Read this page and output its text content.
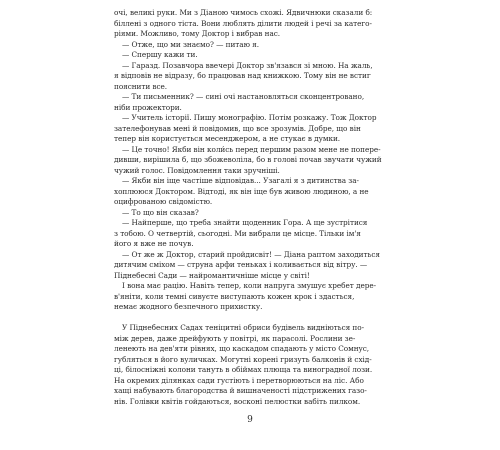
очі, великі руки. Ми з Діаною чимось схожі. Ядвичнюки сказали б:
біллені з одного тіста. Вони люблять ділити людей і речі за катего-
ріями. Можливо, тому Доктор і вибрав нас.
— Отже, що ми знаємо? — питаю я.
— Спершу кажи ти.
— Гаразд. Позавчора ввечері Доктор зв'язався зі мною. На жаль,
я відповів не відразу, бо працював над книжкою. Тому він не встиг
пояснити все.
— Ти письменник? — сині очі настановляться сконцентровано,
ніби прожектори.
— Учитель історії. Пишу монографію. Потім розкажу. Тож Доктор
зателефонував мені й повідомив, що все зрозумів. Добре, що він
тепер він користується месенджером, а не стукає в думки.
— Це точно! Якби він коли́сь перед першим разом мене не попере-
дивши, вирішила б, що збожеволіла, бо в голові почав звучати чужий
чужий голос. Повідомлення таки зручніші.
— Якби він іще частіше відповідав... Узагалі я з дитинства за-
хоплююся Доктором. Відтоді, як він іще був живою людиною, а не
оцифрованою свідомістю.
— То що він сказав?
— Найперше, що треба знайти щоденник Гора. А ще зустрітися
з тобою. О четвертій, сьогодні. Ми вибрали це місце. Тільки ім'я
його я вже не почув.
— От же ж Доктор, старий пройдисвіт! — Діана раптом заходиться
дитячим сміхом — струна арфи теньках і коливається від вітру. —
Піднебесні Сади — найромантичніше місце у світі!
І вона має рацію. Навіть тепер, коли напруга змушує хребет дере-
в'яніти, коли темні сивуєте виступають кожен крок і здасться,
немає жодного безпечного прихистку.
У Піднебесних Садах теніцитні обриси будівель видніються по-
між дерев, даже дрейфують у повітрі, як парасолі. Рослини зе-
ленеють на дев'яти рівнях, що каскадом спадають у місто Сомнус,
губляться в його вуличках. Могутні корені гризуть балконів й схід-
ці, білосніжні колони тануть в обіймах плюща та виноградної лози.
На окремих ділянках сади густіють і перетворюються на ліс. Або
хащі набувають благородства й вишначеності підстрижених газо-
нів. Голівки квітів гойдаються, восконі пелюстки вабіть пилком.
9
